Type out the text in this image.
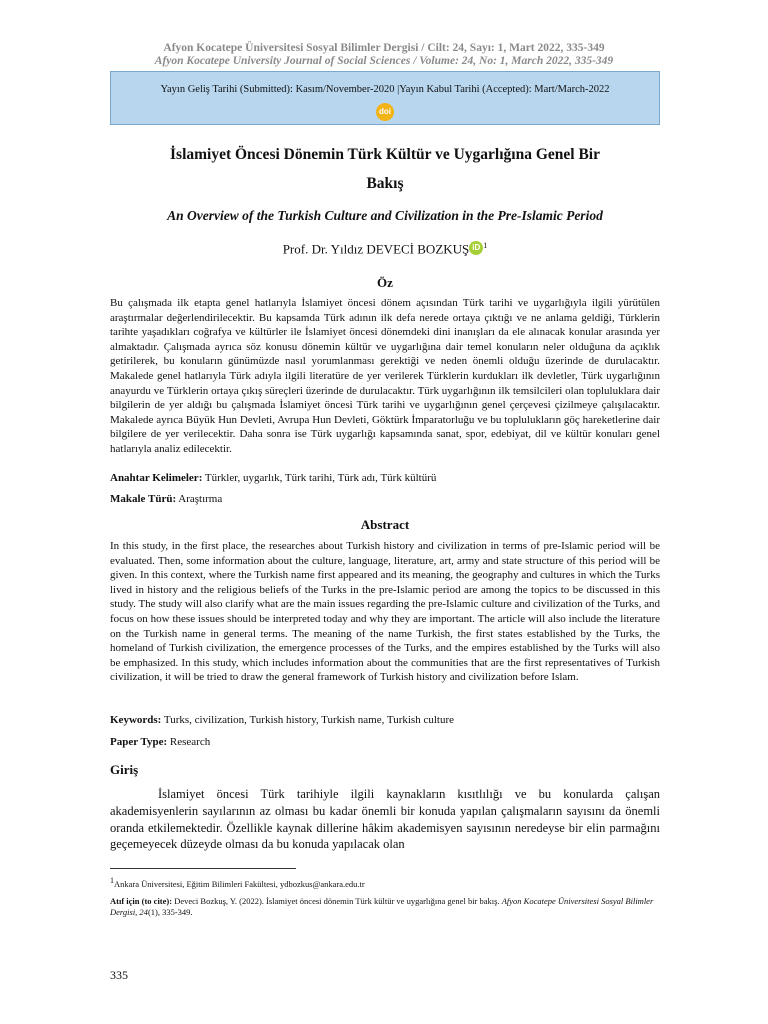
Afyon Kocatepe Üniversitesi Sosyal Bilimler Dergisi / Cilt: 24, Sayı: 1, Mart 2022, 335-349
Afyon Kocatepe University Journal of Social Sciences / Volume: 24, No: 1, March 2022, 335-349
Yayın Geliş Tarihi (Submitted): Kasım/November-2020 |Yayın Kabul Tarihi (Accepted): Mart/March-2022
doi
İslamiyet Öncesi Dönemin Türk Kültür ve Uygarlığına Genel Bir
Bakış
An Overview of the Turkish Culture and Civilization in the Pre-Islamic Period
Prof. Dr. Yıldız DEVECİ BOZKUŞ iD $^1$
Öz
Bu çalışmada ilk etapta genel hatlarıyla İslamiyet öncesi dönem açısından Türk tarihi ve uygarlığıyla ilgili yürütülen araştırmalar değerlendirilecektir. Bu kapsamda Türk adının ilk defa nerede ortaya çıktığı ve ne anlama geldiği, Türklerin tarihte yaşadıkları coğrafya ve kültürler ile İslamiyet öncesi dönemdeki dini inanışları da ele alınacak konular arasında yer almaktadır. Çalışmada ayrıca söz konusu dönemin kültür ve uygarlığına dair temel konuların neler olduğuna da açıklık getirilerek, bu konuların günümüzde nasıl yorumlanması gerektiği ve neden önemli olduğu üzerinde de durulacaktır. Makalede genel hatlarıyla Türk adıyla ilgili literatüre de yer verilerek Türklerin kurdukları ilk devletler, Türk uygarlığının anayurdu ve Türklerin ortaya çıkış süreçleri üzerinde de durulacaktır. Türk uygarlığının ilk temsilcileri olan topluluklara dair bilgilerin de yer aldığı bu çalışmada İslamiyet öncesi Türk tarihi ve uygarlığının genel çerçevesi çizilmeye çalışılacaktır. Makalede ayrıca Büyük Hun Devleti, Avrupa Hun Devleti, Göktürk İmparatorluğu ve bu toplulukların göç hareketlerine dair bilgilere de yer verilecektir. Daha sonra ise Türk uygarlığı kapsamında sanat, spor, edebiyat, dil ve kültür konuları genel hatlarıyla analiz edilecektir.
Anahtar Kelimeler: Türkler, uygarlık, Türk tarihi, Türk adı, Türk kültürü
Makale Türü: Araştırma
Abstract
In this study, in the first place, the researches about Turkish history and civilization in terms of pre-Islamic period will be evaluated. Then, some information about the culture, language, literature, art, army and state structure of this period will be given. In this context, where the Turkish name first appeared and its meaning, the geography and cultures in which the Turks lived in history and the religious beliefs of the Turks in the pre-Islamic period are among the topics to be discussed in this study. The study will also clarify what are the main issues regarding the pre-Islamic culture and civilization of the Turks, and focus on how these issues should be interpreted today and why they are important. The article will also include the literature on the Turkish name in general terms. The meaning of the name Turkish, the first states established by the Turks, the homeland of Turkish civilization, the emergence processes of the Turks, and the empires established by the Turks will also be emphasized. In this study, which includes information about the communities that are the first representatives of Turkish civilization, it will be tried to draw the general framework of Turkish history and civilization before Islam.
Keywords: Turks, civilization, Turkish history, Turkish name, Turkish culture
Paper Type: Research
Giriş
İslamiyet öncesi Türk tarihiyle ilgili kaynakların kısıtlılığı ve bu konularda çalışan akademisyenlerin sayılarının az olması bu kadar önemli bir konuda yapılan çalışmaların sayısını da önemli oranda etkilemektedir. Özellikle kaynak dillerine hâkim akademisyen sayısının neredeyse bir elin parmağını geçemeyecek düzeyde olması da bu konuda yapılacak olan
1Ankara Üniversitesi, Eğitim Bilimleri Fakültesi, ydbozkus@ankara.edu.tr
Atıf için (to cite): Deveci Bozkuş, Y. (2022). İslamiyet öncesi dönemin Türk kültür ve uygarlığına genel bir bakış. Afyon Kocatepe Üniversitesi Sosyal Bilimler Dergisi, 24(1), 335-349.
335
